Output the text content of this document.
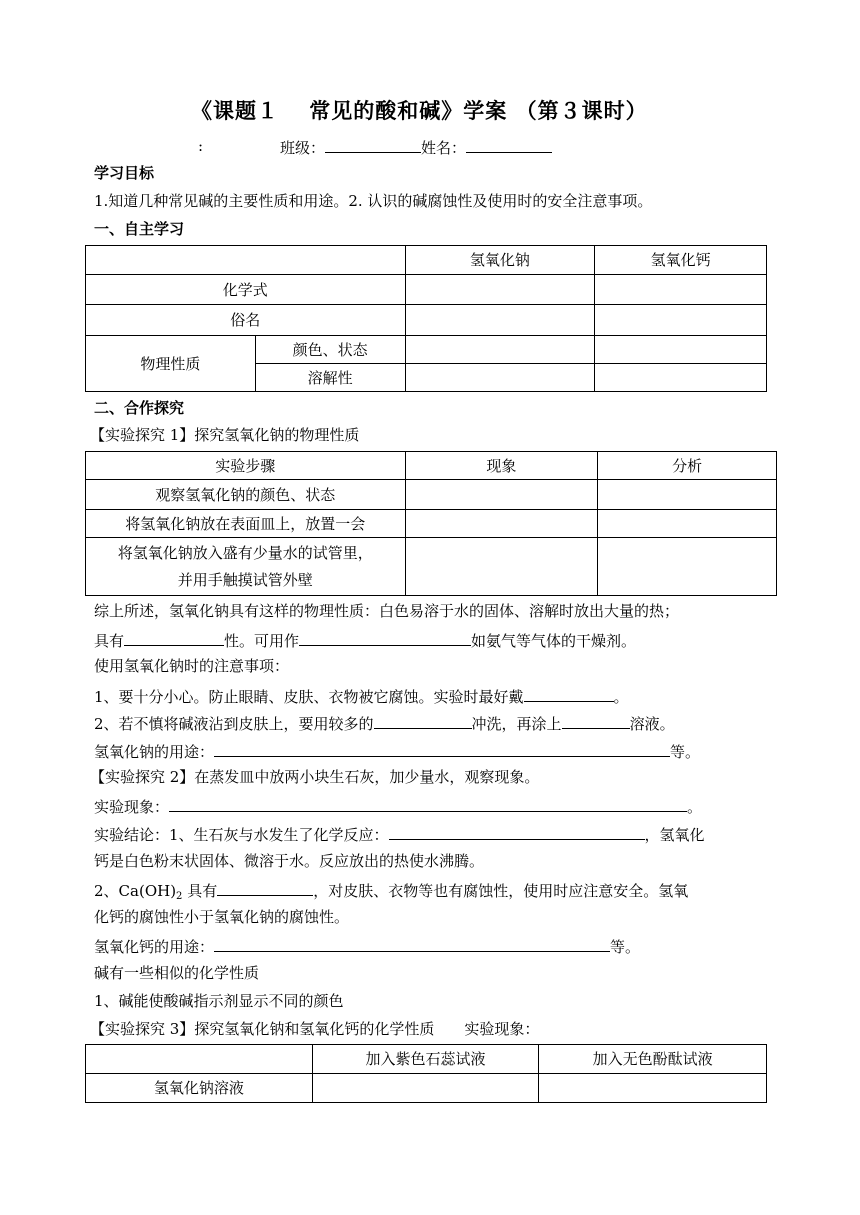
《课题１　 常见的酸和碱》学案 （第３课时）
:	班级：	姓名：
学习目标
1.知道几种常见碱的主要性质和用途。2. 认识的碱腐蚀性及使用时的安全注意事项。
一、自主学习
		氢氧化钠	氢氧化钙
化学式			
俗名			
物理性质	颜色、状态		
	溶解性		
二、合作探究
【实验探究 1】探究氢氧化钠的物理性质
实验步骤	现象	分析
观察氢氧化钠的颜色、状态		
将氢氧化钠放在表面皿上，放置一会		
将氢氧化钠放入盛有少量水的试管里，
并用手触摸试管外壁		
综上所述，氢氧化钠具有这样的物理性质：白色易溶于水的固体、溶解时放出大量的热；
具有	性。可用作	如氨气等气体的干燥剂。
使用氢氧化钠时的注意事项：
1、要十分小心。防止眼睛、皮肤、衣物被它腐蚀。实验时最好戴	。
2、若不慎将碱液沾到皮肤上，要用较多的	冲洗，再涂上	溶液。
氢氧化钠的用途：	等。
【实验探究 2】在蒸发皿中放两小块生石灰，加少量水，观察现象。
实验现象：	。
实验结论：1、生石灰与水发生了化学反应：	，氢氧化
钙是白色粉末状固体、微溶于水。反应放出的热使水沸腾。
2、$Ca(OH)_2$ 具有	，对皮肤、衣物等也有腐蚀性，使用时应注意安全。氢氧
化钙的腐蚀性小于氢氧化钠的腐蚀性。
氢氧化钙的用途：	等。
碱有一些相似的化学性质
1、碱能使酸碱指示剂显示不同的颜色
【实验探究 3】探究氢氧化钠和氢氧化钙的化学性质　　实验现象：
	加入紫色石蕊试液	加入无色酚酞试液
氢氧化钠溶液		
